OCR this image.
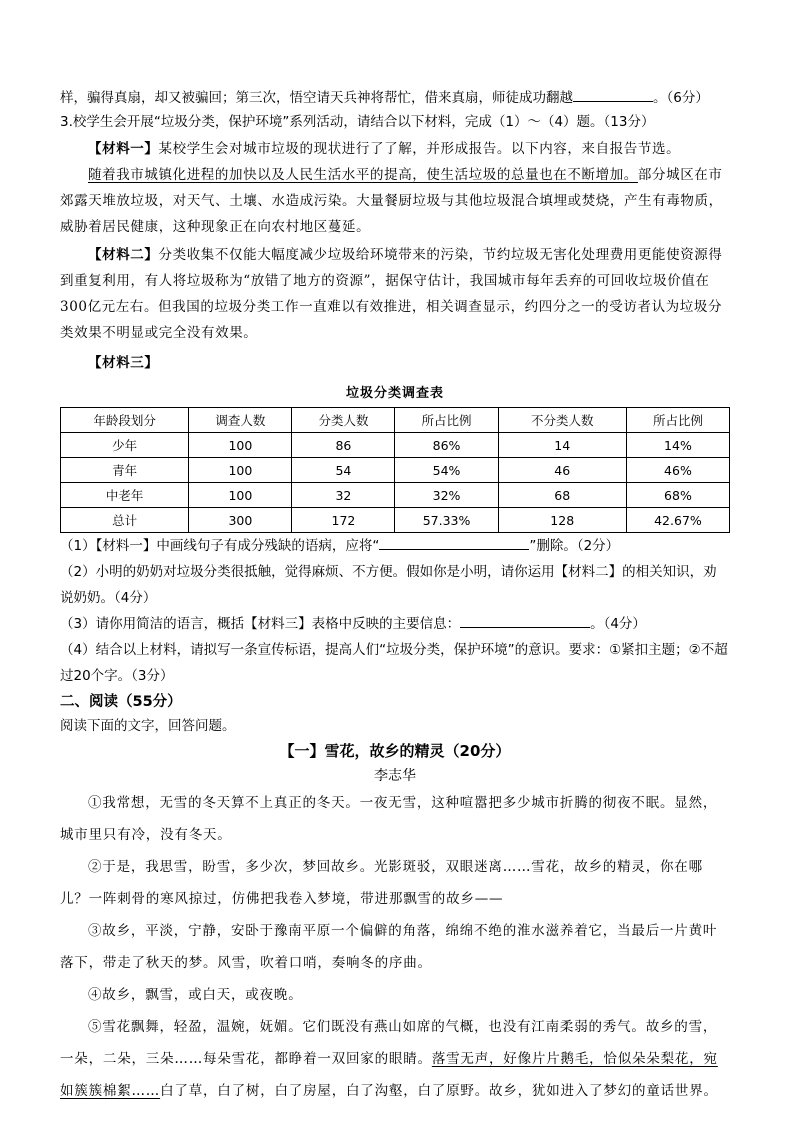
样，骗得真扇，却又被骗回；第三次，悟空请天兵神将帮忙，借来真扇，师徒成功翻越	。（6分）

3.校学生会开展“垃圾分类，保护环境”系列活动，请结合以下材料，完成（1）～（4）题。（13分）

【材料一】某校学生会对城市垃圾的现状进行了了解，并形成报告。以下内容，来自报告节选。

随着我市城镇化进程的加快以及人民生活水平的提高，使生活垃圾的总量也在不断增加。部分城区在市郊露天堆放垃圾，对天气、土壤、水造成污染。大量餐厨垃圾与其他垃圾混合填埋或焚烧，产生有毒物质，威胁着居民健康，这种现象正在向农村地区蔓延。

【材料二】分类收集不仅能大幅度减少垃圾给环境带来的污染，节约垃圾无害化处理费用更能使资源得到重复利用，有人将垃圾称为“放错了地方的资源”，据保守估计，我国城市每年丢弃的可回收垃圾价值在300亿元左右。但我国的垃圾分类工作一直难以有效推进，相关调查显示，约四分之一的受访者认为垃圾分类效果不明显或完全没有效果。

【材料三】

垃圾分类调查表

年龄段划分	调查人数	分类人数	所占比例	不分类人数	所占比例
少年	100	86	86%	14	14%
青年	100	54	54%	46	46%
中老年	100	32	32%	68	68%
总计	300	172	57.33%	128	42.67%

（1）【材料一】中画线句子有成分残缺的语病，应将“	”删除。（2分）

（2）小明的奶奶对垃圾分类很抵触，觉得麻烦、不方便。假如你是小明，请你运用【材料二】的相关知识，劝说奶奶。（4分）

（3）请你用简洁的语言，概括【材料三】表格中反映的主要信息：	。（4分）

（4）结合以上材料，请拟写一条宣传标语，提高人们“垃圾分类，保护环境”的意识。要求：①紧扣主题；②不超过20个字。（3分）

二、阅读（55分）

阅读下面的文字，回答问题。

【一】雪花，故乡的精灵（20分）

李志华

①我常想，无雪的冬天算不上真正的冬天。一夜无雪，这种喧嚣把多少城市折腾的彻夜不眠。显然，城市里只有冷，没有冬天。

②于是，我思雪，盼雪，多少次，梦回故乡。光影斑驳，双眼迷离……雪花，故乡的精灵，你在哪儿？一阵刺骨的寒风掠过，仿佛把我卷入梦境，带进那飘雪的故乡——

③故乡，平淡，宁静，安卧于豫南平原一个偏僻的角落，绵绵不绝的淮水滋养着它，当最后一片黄叶落下，带走了秋天的梦。风雪，吹着口哨，奏响冬的序曲。

④故乡，飘雪，或白天，或夜晚。

⑤雪花飘舞，轻盈，温婉，妩媚。它们既没有燕山如席的气概，也没有江南柔弱的秀气。故乡的雪，一朵，二朵，三朵……每朵雪花，都睁着一双回家的眼睛。落雪无声，好像片片鹅毛，恰似朵朵梨花，宛如簇簇棉絮……白了草，白了树，白了房屋，白了沟壑，白了原野。故乡，犹如进入了梦幻的童话世界。
